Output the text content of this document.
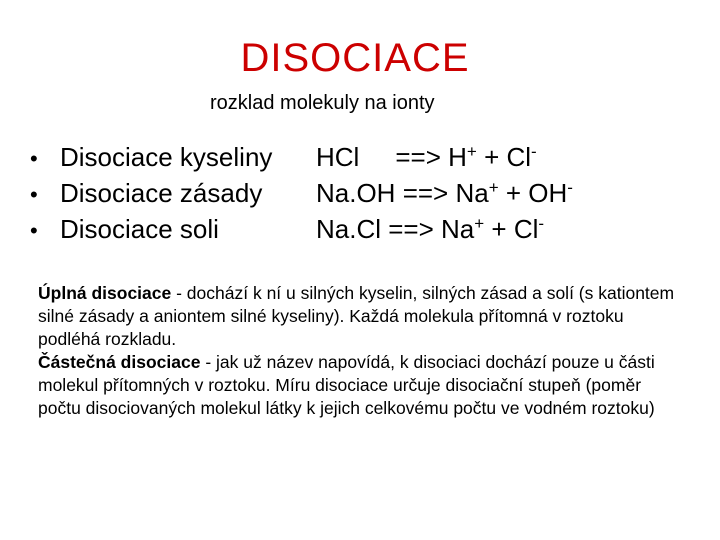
DISOCIACE
rozklad molekuly na ionty
• Disociace kyseliny	HCl ==> H+ + Cl-
• Disociace zásady	Na.OH ==> Na+ + OH-
• Disociace soli	Na.Cl ==> Na+ + Cl-

Úplná disociace - dochází k ní u silných kyselin, silných zásad a solí (s kationtem silné zásady a aniontem silné kyseliny). Každá molekula přítomná v roztoku podléhá rozkladu.
Částečná disociace - jak už název napovídá, k disociaci dochází pouze u části molekul přítomných v roztoku. Míru disociace určuje disociační stupeň (poměr počtu disociovaných molekul látky k jejich celkovému počtu ve vodném roztoku)
